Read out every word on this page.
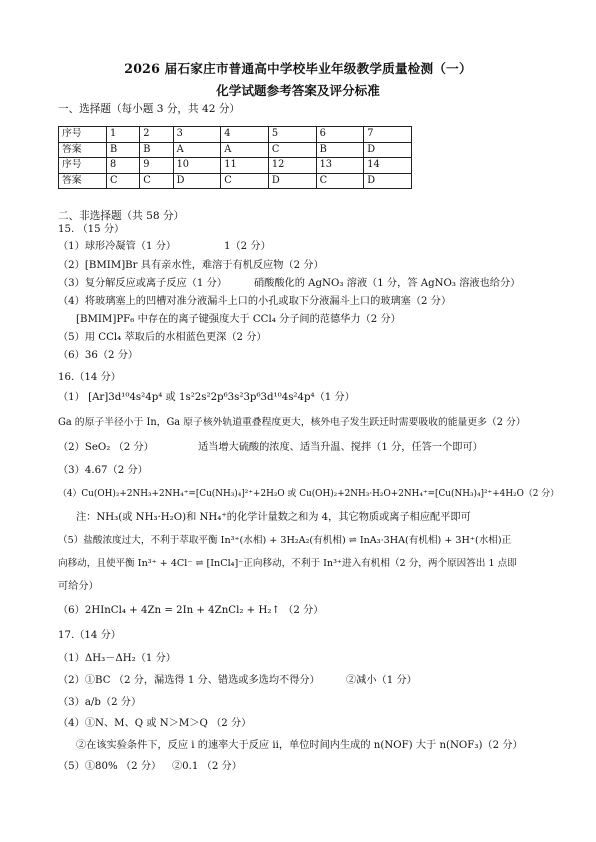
2026 届石家庄市普通高中学校毕业年级教学质量检测（一）
化学试题参考答案及评分标准
一、选择题（每小题 3 分，共 42 分）
序号	1	2	3	4	5	6	7
答案	B	B	A	A	C	B	D
序号	8	9	10	11	12	13	14
答案	C	C	D	C	D	C	D
二、非选择题（共 58 分）
15. （15 分）
（1）球形冷凝管（1 分）	1（2 分）
（2）[BMIM]Br 具有亲水性，难溶于有机反应物（2 分）
（3）复分解反应或离子反应（1 分）	硝酸酸化的 AgNO₃ 溶液（1 分，答 AgNO₃ 溶液也给分）
（4）将玻璃塞上的凹槽对准分液漏斗上口的小孔或取下分液漏斗上口的玻璃塞（2 分）
[BMIM]PF₆ 中存在的离子键强度大于 CCl₄ 分子间的范德华力（2 分）
（5）用 CCl₄ 萃取后的水相蓝色更深（2 分）
（6）36（2 分）
16.（14 分）
（1） [Ar]3d¹⁰4s²4p⁴ 或 1s²2s²2p⁶3s²3p⁶3d¹⁰4s²4p⁴（1 分）
Ga 的原子半径小于 In，Ga 原子核外轨道重叠程度更大，核外电子发生跃迁时需要吸收的能量更多（2 分）
（2）SeO₂ （2 分）	适当增大硫酸的浓度、适当升温、搅拌（1 分，任答一个即可）
（3）4.67（2 分）
（4）Cu(OH)₂+2NH₃+2NH₄⁺=[Cu(NH₃)₄]²⁺+2H₂O 或 Cu(OH)₂+2NH₃·H₂O+2NH₄⁺=[Cu(NH₃)₄]²⁺+4H₂O（2 分）
注：NH₃(或 NH₃·H₂O)和 NH₄⁺的化学计量数之和为 4，其它物质或离子相应配平即可
（5）盐酸浓度过大，不利于萃取平衡 In³⁺(水相) + 3H₂A₂(有机相) ⇌ InA₃·3HA(有机相) + 3H⁺(水相)正
向移动，且使平衡 In³⁺ + 4Cl⁻ ⇌ [InCl₄]⁻正向移动，不利于 In³⁺进入有机相（2 分，两个原因答出 1 点即
可给分）
（6）2HInCl₄ + 4Zn = 2In + 4ZnCl₂ + H₂↑ （2 分）
17.（14 分）
（1）ΔH₃－ΔH₂（1 分）
（2）①BC （2 分，漏选得 1 分、错选或多选均不得分）	②减小（1 分）
（3）a/b（2 分）
（4）①N、M、Q 或 N＞M＞Q （2 分）
②在该实验条件下，反应 i 的速率大于反应 ii，单位时间内生成的 n(NOF) 大于 n(NOF₃)（2 分）
（5）①80% （2 分） ②0.1 （2 分）
